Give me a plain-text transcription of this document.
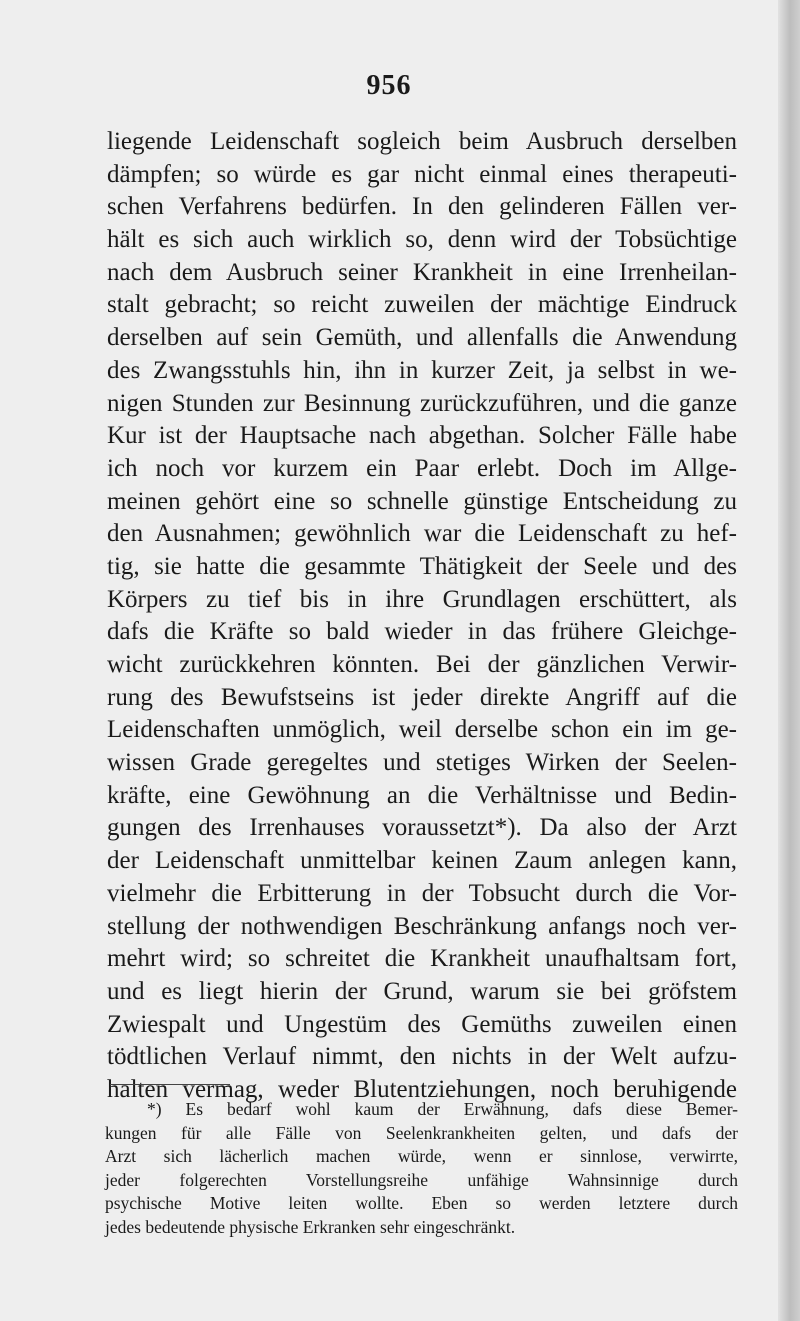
956
liegende Leidenschaft sogleich beim Ausbruch derselben
dämpfen; so würde es gar nicht einmal eines therapeuti-
schen Verfahrens bedürfen. In den gelinderen Fällen ver-
hält es sich auch wirklich so, denn wird der Tobsüchtige
nach dem Ausbruch seiner Krankheit in eine Irrenheilan-
stalt gebracht; so reicht zuweilen der mächtige Eindruck
derselben auf sein Gemüth, und allenfalls die Anwendung
des Zwangsstuhls hin, ihn in kurzer Zeit, ja selbst in we-
nigen Stunden zur Besinnung zurückzuführen, und die ganze
Kur ist der Hauptsache nach abgethan. Solcher Fälle habe
ich noch vor kurzem ein Paar erlebt. Doch im Allge-
meinen gehört eine so schnelle günstige Entscheidung zu
den Ausnahmen; gewöhnlich war die Leidenschaft zu hef-
tig, sie hatte die gesammte Thätigkeit der Seele und des
Körpers zu tief bis in ihre Grundlagen erschüttert, als
dafs die Kräfte so bald wieder in das frühere Gleichge-
wicht zurückkehren könnten. Bei der gänzlichen Verwir-
rung des Bewufstseins ist jeder direkte Angriff auf die
Leidenschaften unmöglich, weil derselbe schon ein im ge-
wissen Grade geregeltes und stetiges Wirken der Seelen-
kräfte, eine Gewöhnung an die Verhältnisse und Bedin-
gungen des Irrenhauses voraussetzt*). Da also der Arzt
der Leidenschaft unmittelbar keinen Zaum anlegen kann,
vielmehr die Erbitterung in der Tobsucht durch die Vor-
stellung der nothwendigen Beschränkung anfangs noch ver-
mehrt wird; so schreitet die Krankheit unaufhaltsam fort,
und es liegt hierin der Grund, warum sie bei gröfstem
Zwiespalt und Ungestüm des Gemüths zuweilen einen
tödtlichen Verlauf nimmt, den nichts in der Welt aufzu-
halten vermag, weder Blutentziehungen, noch beruhigende
*) Es bedarf wohl kaum der Erwähnung, dafs diese Bemer-
kungen für alle Fälle von Seelenkrankheiten gelten, und dafs der
Arzt sich lächerlich machen würde, wenn er sinnlose, verwirrte,
jeder folgerechten Vorstellungsreihe unfähige Wahnsinnige durch
psychische Motive leiten wollte. Eben so werden letztere durch
jedes bedeutende physische Erkranken sehr eingeschränkt.
